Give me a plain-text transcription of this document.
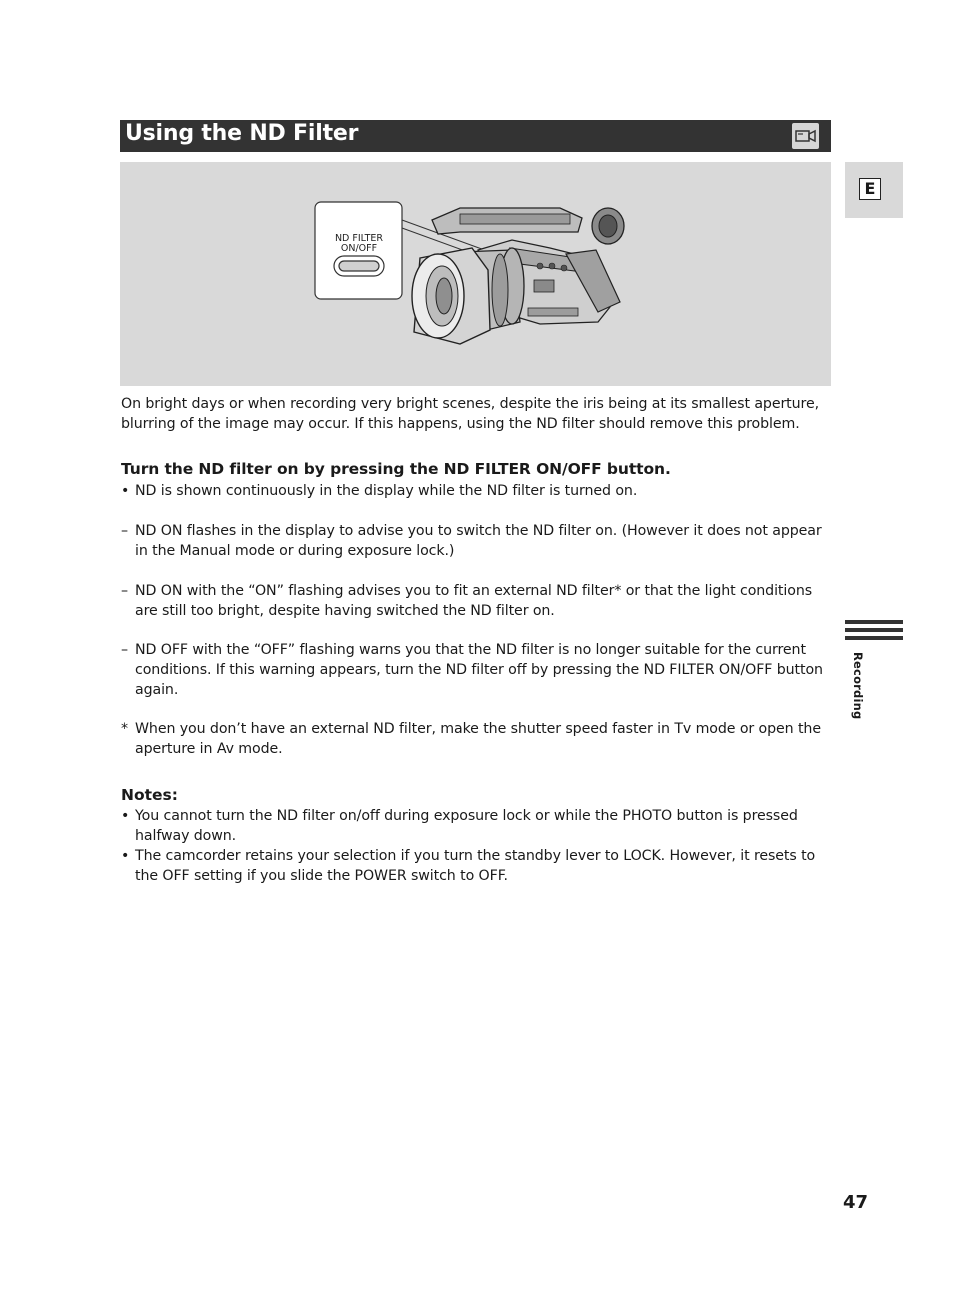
Using the ND Filter
E
ND FILTER
ON/OFF

On bright days or when recording very bright scenes, despite the iris being at its smallest aperture, blurring of the image may occur. If this happens, using the ND filter should remove this problem.

Turn the ND filter on by pressing the ND FILTER ON/OFF button.
• ND is shown continuously in the display while the ND filter is turned on.
– ND ON flashes in the display to advise you to switch the ND filter on. (However it does not appear in the Manual mode or during exposure lock.)
– ND ON with the “ON” flashing advises you to fit an external ND filter* or that the light conditions are still too bright, despite having switched the ND filter on.
– ND OFF with the “OFF” flashing warns you that the ND filter is no longer suitable for the current conditions. If this warning appears, turn the ND filter off by pressing the ND FILTER ON/OFF button again.
* When you don’t have an external ND filter, make the shutter speed faster in Tv mode or open the aperture in Av mode.
Notes:
• You cannot turn the ND filter on/off during exposure lock or while the PHOTO button is pressed halfway down.
• The camcorder retains your selection if you turn the standby lever to LOCK. However, it resets to the OFF setting if you slide the POWER switch to OFF.
Recording
47
